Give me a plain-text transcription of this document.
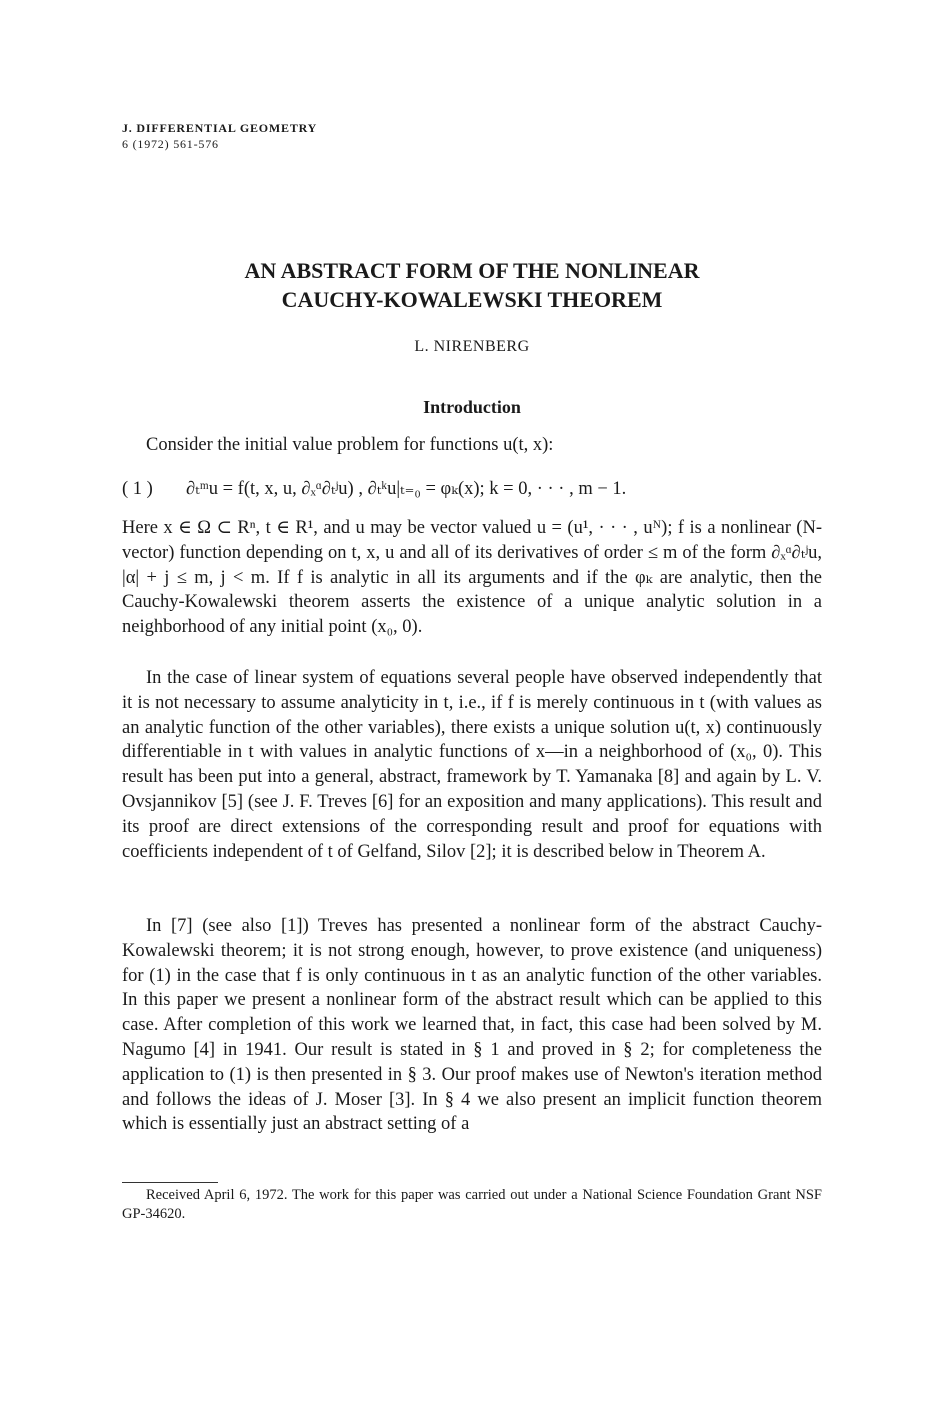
J. DIFFERENTIAL GEOMETRY
6 (1972) 561-576
AN ABSTRACT FORM OF THE NONLINEAR
CAUCHY-KOWALEWSKI THEOREM
L. NIRENBERG
Introduction
Consider the initial value problem for functions u(t, x):
( 1 ) ∂ₜᵐu = f(t, x, u, ∂ₓᵅ∂ₜʲu) , ∂ₜᵏu|ₜ₌₀ = φₖ(x); k = 0, · · · , m − 1.
Here x ∈ Ω ⊂ Rⁿ, t ∈ R¹, and u may be vector valued u = (u¹, · · · , uᴺ); f is a nonlinear (N-vector) function depending on t, x, u and all of its derivatives of order ≤ m of the form ∂ₓᵅ∂ₜʲu, |α| + j ≤ m, j < m. If f is analytic in all its arguments and if the φₖ are analytic, then the Cauchy-Kowalewski theorem asserts the existence of a unique analytic solution in a neighborhood of any initial point (x₀, 0).
In the case of linear system of equations several people have observed independently that it is not necessary to assume analyticity in t, i.e., if f is merely continuous in t (with values as an analytic function of the other variables), there exists a unique solution u(t, x) continuously differentiable in t with values in analytic functions of x—in a neighborhood of (x₀, 0). This result has been put into a general, abstract, framework by T. Yamanaka [8] and again by L. V. Ovsjannikov [5] (see J. F. Treves [6] for an exposition and many applications). This result and its proof are direct extensions of the corresponding result and proof for equations with coefficients independent of t of Gelfand, Silov [2]; it is described below in Theorem A.
In [7] (see also [1]) Treves has presented a nonlinear form of the abstract Cauchy-Kowalewski theorem; it is not strong enough, however, to prove existence (and uniqueness) for (1) in the case that f is only continuous in t as an analytic function of the other variables. In this paper we present a nonlinear form of the abstract result which can be applied to this case. After completion of this work we learned that, in fact, this case had been solved by M. Nagumo [4] in 1941. Our result is stated in § 1 and proved in § 2; for completeness the application to (1) is then presented in § 3. Our proof makes use of Newton's iteration method and follows the ideas of J. Moser [3]. In § 4 we also present an implicit function theorem which is essentially just an abstract setting of a
Received April 6, 1972. The work for this paper was carried out under a National Science Foundation Grant NSF GP-34620.
